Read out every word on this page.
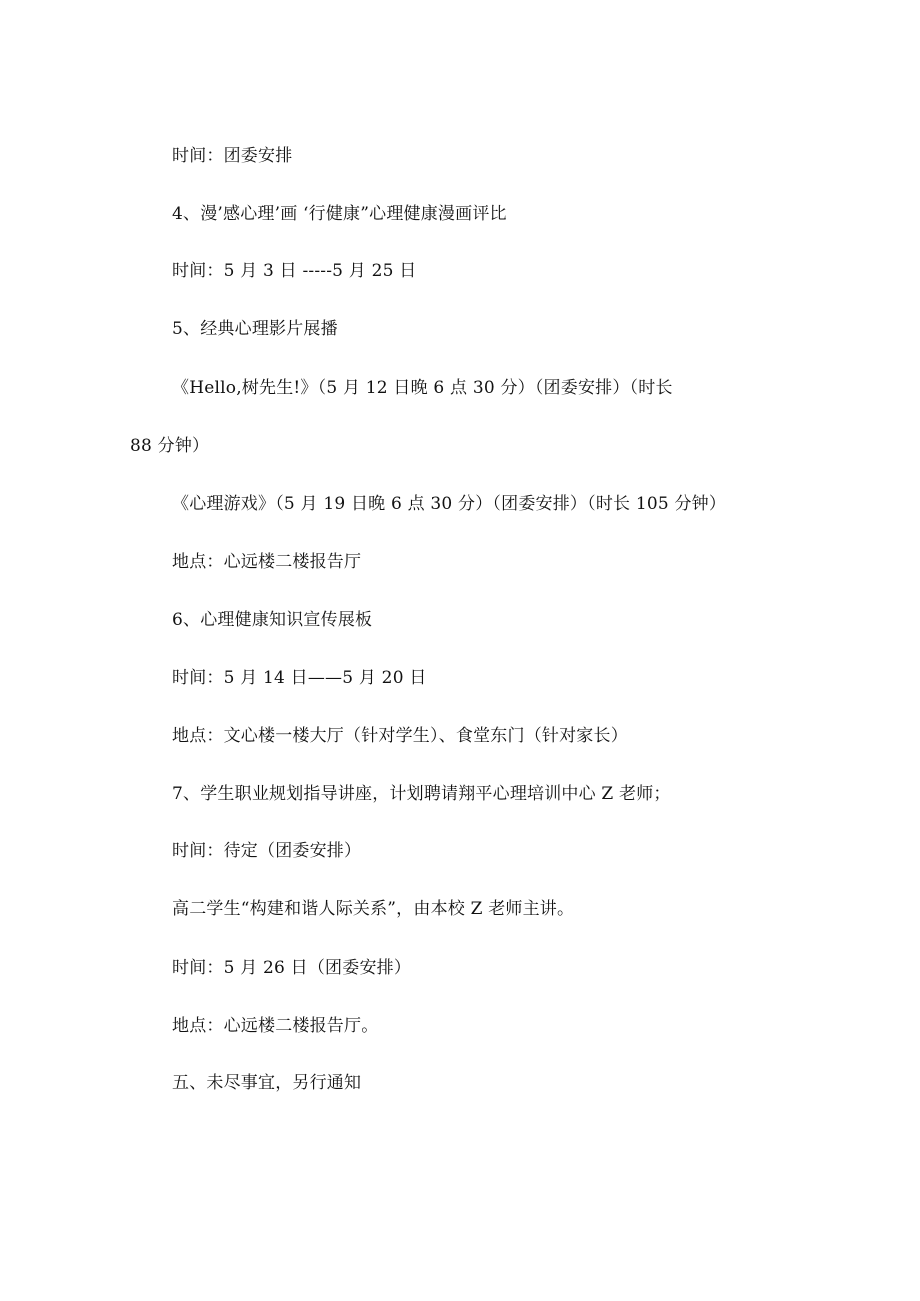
时间：团委安排
4、漫’感心理’画 ‘行健康”心理健康漫画评比
时间：5 月 3 日 -----5 月 25 日
5、经典心理影片展播
《Hello,树先生!》（5 月 12 日晚 6 点 30 分）（团委安排）（时长
88 分钟）
《心理游戏》（5 月 19 日晚 6 点 30 分）（团委安排）（时长 105 分钟）
地点：心远楼二楼报告厅
6、心理健康知识宣传展板
时间：5 月 14 日——5 月 20 日
地点：文心楼一楼大厅（针对学生）、食堂东门（针对家长）
7、学生职业规划指导讲座，计划聘请翔平心理培训中心 Z 老师；
时间：待定（团委安排）
高二学生“构建和谐人际关系”，由本校 Z 老师主讲。
时间：5 月 26 日（团委安排）
地点：心远楼二楼报告厅。
五、未尽事宜，另行通知
